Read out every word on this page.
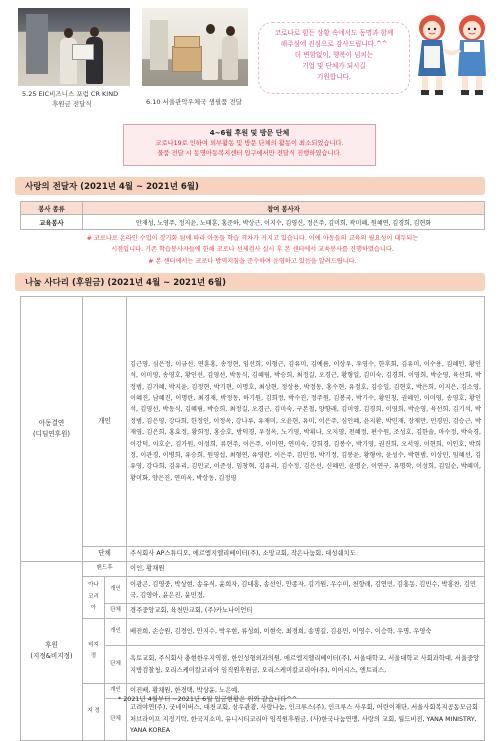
5.25 EIC비즈니스 포럼 CR KIND
후원금 전달식	6.10 서울관악우체국 생필품 전달

코로나로 힘든 상황 속에서도 동명과 함께

해주심에 진심으로 감사드립니다.^^

더 변함없이, 행복이 넘치는

기업 및 단체가 되시길

기원합니다.

4~6월 후원 및 방문 단체
코로나19로 인하여 외부활동 및 방문 단체의 활동이 최소되었습니다.
물품 전달 시 동명아동복지센터 입구에서만 전달식 진행하였습니다.
사랑의 전달자 (2021년 4월 ~ 2021년 6월)
봉사 종류	참여 봉사자
교육봉사	안재성, 노영주, 정지윤, 노태훈, 홍준하, 박상근, 이지수, 김영신, 정은주, 김미희, 곽미혜, 원혜연, 김경희, 김현화
# 코로나로 온라인 수업이 장기화 됨에 따라 아동들 학습 격차가 커지고 있습니다. 이에 아동들의 교육의 필요성이 대두되는
시점입니다. 기존 학습봉사자들에 한해 코로나 선제검사 실시 후 본 센터에서 교육봉사를 진행하였습니다.
# 본 센터에서는 코로나 방역지침을 준수하여 운영하고 있음을 알려드립니다.
나눔 사다리 (후원금) (2021년 4월 ~ 2021년 6월)
아동결연
(디딤연후원)	개인		김근영, 심은정, 이금선, 연훈홍, 송정현, 임선희, 이형근, 김유미, 김예름, 이상우, 우영수, 한후회, 김유미, 이수용, 김혜인, 황인석, 이미영, 송영호, 황인선, 김영선, 박동식, 김혜림, 박승희, 최정길, 오경근, 황형일, 김미숙, 김경희, 이영희, 박순영, 육선희, 박정범, 김기혜, 박지윤, 김정현, 박기현, 이명호, 최상현, 정상용, 박정동, 홍수현, 유정호, 김승일, 김현호, 박은희, 이지은, 김소영, 이혜진, 남혜진, 이명란, 최경재, 박정동, 하기원, 김희정, 박수진, 정주원, 김봉국, 박기수, 황인칭, 권혜인, 이미영, 송영호, 황인석, 김영선, 박동식, 김혜림, 박승희, 최정길, 오경근, 김미숙, 구본철, 양향래, 김미영, 김경희, 이영희, 박순영, 육선희, 김기석, 박정범, 김은영, 강다희, 한정인, 이정옥, 강나루, 유재미, 오윤현, 유미, 이은주, 심인혜, 윤지환, 박민재, 장재만, 민경민, 김승근, 박재영, 김은희, 홍효정, 황희정, 홍승호, 방덕경, 우정옥, 노기영, 박휘나, 오지영, 천혜정, 편수원, 조성호, 김한솔, 마수정, 박숙경, 이강덕, 이호순, 김가원, 이성희, 류현주, 이은주, 이미연, 연미숙, 강희경, 김봉수, 박기영, 권진희, 오서영, 이현희, 이인호, 박희정, 이관경, 이병희, 유승희, 원영섭, 최형연, 유영란, 이은주, 김민정, 박기정, 김봉윤, 황형야, 윤성수, 박현범, 이상민, 임혜선, 김유영, 강다희, 김유리, 김민교, 이준성, 임창혁, 김유리, 김수정, 김은선, 신혜민, 윤명순, 이연구, 유명학, 이성희, 김일순, 박혜미, 황미화, 양은진, 연미옥, 박상동, 김정영
	단체		주식회사 AP스튜디오, 에르엠지엘리베이터(주), 소망교회, 작은나눔회, 대성쉐치도

후원
(지정&비지정)	밴드후		이인, 황채원

	아나
코리아	개인	이광곤, 김영중, 박상현, 송유식, 윤희자, 김대홍, 송선인, 안종자, 김기원, 우수미, 천향래, 김연민, 김홍동, 김민수, 박홍찬, 김민국, 김영아, 윤은진, 윤민정,
		단체	경주중앙교회, 육천만교회, (주)카노나이언티
	비지정	개인	배진희, 손승원, 김경인, 안지수, 박우현, 류성희, 이현숙, 최경희, 송명길, 김용민, 이영수, 이승학, 우명, 우영숙
		단체	옥토교회, 주식회사 충현한우지역점, 한인성형외과의원, 에르엠지엘리베이터(주), 서울대학교, 서울대학교 사회과학대, 서울중앙지방검찰청, 오리스케미칼코리아 임직원후원금, 오리스케미칼코리아(주), 이어시스, 엔트리스,
	지 정	개인	이진배, 황채원, 한경택, 박상윤, 노은예,
		단체	고려야연(주), 굿네이버스, 대천교회, 삼우관광, 사랑나눔, 인크루스(주), 인크루스 사우회, 어린이재단, 서울사회복지공동모금회 처브라이프 지정기탁, 한국지소미, 유니시티코리아 임직원후원금, (사)한국나눔연맹, 사랑의 교회, 월드비전, YANA MINISTRY, YANA KOREA
* 2021년 4월부터 ~2021년 6월 입금현황은 위와 같습니다^^
